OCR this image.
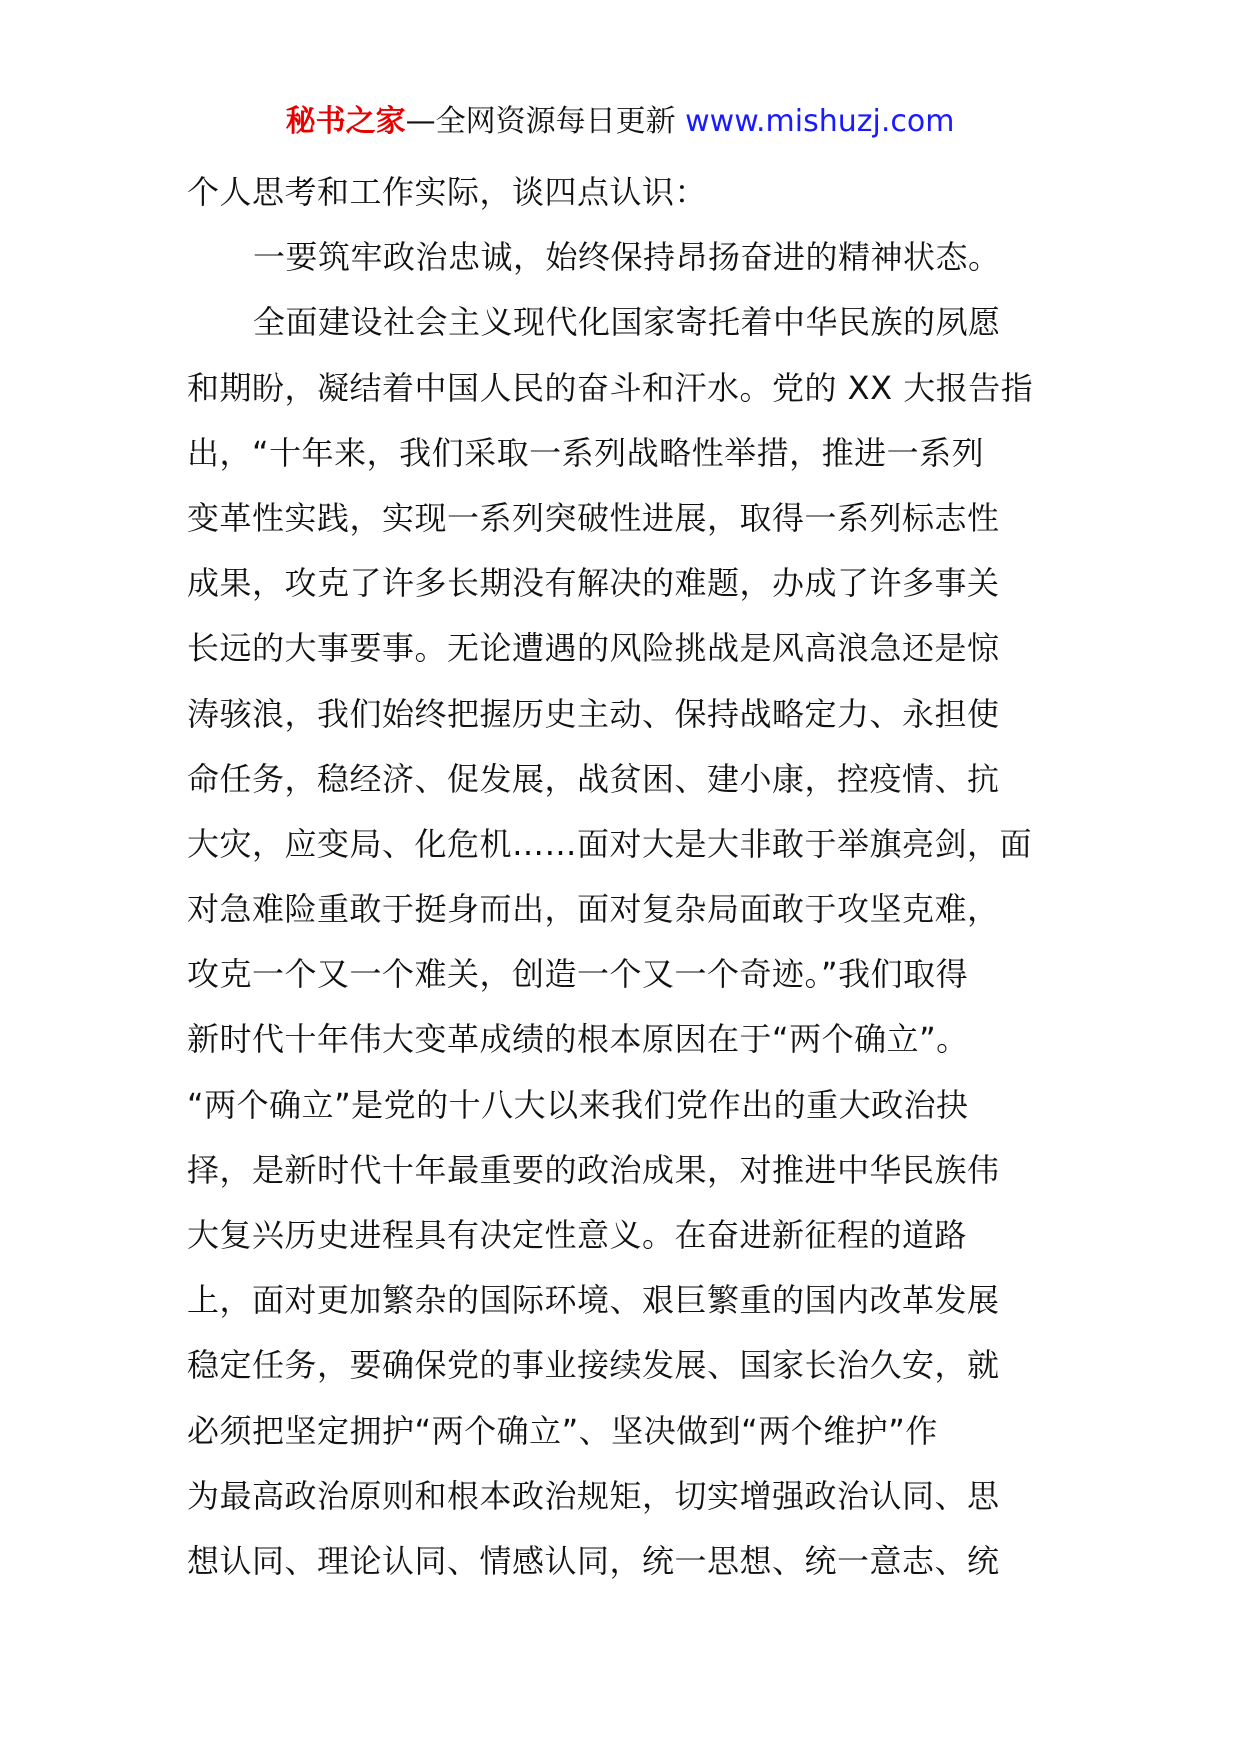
秘书之家—全网资源每日更新 www.mishuzj.com
个人思考和工作实际，谈四点认识：
一要筑牢政治忠诚，始终保持昂扬奋进的精神状态。
全面建设社会主义现代化国家寄托着中华民族的夙愿
和期盼，凝结着中国人民的奋斗和汗水。党的 XX 大报告指
出，“十年来，我们采取一系列战略性举措，推进一系列
变革性实践，实现一系列突破性进展，取得一系列标志性
成果，攻克了许多长期没有解决的难题，办成了许多事关
长远的大事要事。无论遭遇的风险挑战是风高浪急还是惊
涛骇浪，我们始终把握历史主动、保持战略定力、永担使
命任务，稳经济、促发展，战贫困、建小康，控疫情、抗
大灾，应变局、化危机……面对大是大非敢于举旗亮剑，面
对急难险重敢于挺身而出，面对复杂局面敢于攻坚克难，
攻克一个又一个难关，创造一个又一个奇迹。”我们取得
新时代十年伟大变革成绩的根本原因在于“两个确立”。
“两个确立”是党的十八大以来我们党作出的重大政治抉
择，是新时代十年最重要的政治成果，对推进中华民族伟
大复兴历史进程具有决定性意义。在奋进新征程的道路
上，面对更加繁杂的国际环境、艰巨繁重的国内改革发展
稳定任务，要确保党的事业接续发展、国家长治久安，就
必须把坚定拥护“两个确立”、坚决做到“两个维护”作
为最高政治原则和根本政治规矩，切实增强政治认同、思
想认同、理论认同、情感认同，统一思想、统一意志、统
